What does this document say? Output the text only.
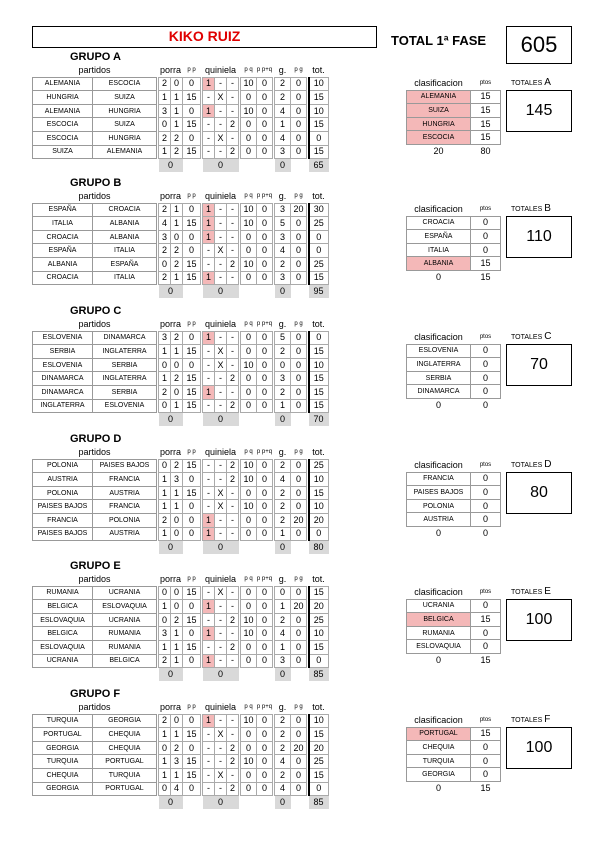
KIKO RUIZ	TOTAL 1ª FASE	605
GRUPO A
partidos			porra		p p		quiniela				p q	p p+q		g.	p g		tot.
ALEMANIA	ESCOCIA		2	0	0		1	-	-		10	0		2	0		10
HUNGRIA	SUIZA		1	1	15		-	X	-		0	0		2	0		15
ALEMANIA	HUNGRIA		3	1	0		1	-	-		10	0		4	0		10
ESCOCIA	SUIZA		0	1	15		-	-	2		0	0		1	0		15
ESCOCIA	HUNGRIA		2	2	0		-	X	-		0	0		4	0		0
SUIZA	ALEMANIA		1	2	15		-	-	2		0	0		3	0		15
			0				0							0			65
clasificacion	ptos
ALEMANIA	15
SUIZA	15
HUNGRIA	15
ESCOCIA	15
20	80
TOTALES A
145
GRUPO B
partidos			porra		p p		quiniela				p q	p p+q		g.	p g		tot.
ESPAÑA	CROACIA		2	1	0		1	-	-		10	0		3	20		30
ITALIA	ALBANIA		4	1	15		1	-	-		10	0		5	0		25
CROACIA	ALBANIA		3	0	0		1	-	-		0	0		3	0		0
ESPAÑA	ITALIA		2	2	0		-	X	-		0	0		4	0		0
ALBANIA	ESPAÑA		0	2	15		-	-	2		10	0		2	0		25
CROACIA	ITALIA		2	1	15		1	-	-		0	0		3	0		15
			0				0							0			95
clasificacion	ptos
CROACIA	0
ESPAÑA	0
ITALIA	0
ALBANIA	15
0	15
TOTALES B
110
GRUPO C
partidos			porra		p p		quiniela				p q	p p+q		g.	p g		tot.
ESLOVENIA	DINAMARCA		3	2	0		1	-	-		0	0		5	0		0
SERBIA	INGLATERRA		1	1	15		-	X	-		0	0		2	0		15
ESLOVENIA	SERBIA		0	0	0		-	X	-		10	0		0	0		10
DINAMARCA	INGLATERRA		1	2	15		-	-	2		0	0		3	0		15
DINAMARCA	SERBIA		2	0	15		1	-	-		0	0		2	0		15
INGLATERRA	ESLOVENIA		0	1	15		-	-	2		0	0		1	0		15
			0				0							0			70
clasificacion	ptos
ESLOVENIA	0
INGLATERRA	0
SERBIA	0
DINAMARCA	0
0	0
TOTALES C
70
GRUPO D
partidos			porra		p p		quiniela				p q	p p+q		g.	p g		tot.
POLONIA	PAISES BAJOS		0	2	15		-	-	2		10	0		2	0		25
AUSTRIA	FRANCIA		1	3	0		-	-	2		10	0		4	0		10
POLONIA	AUSTRIA		1	1	15		-	X	-		0	0		2	0		15
PAISES BAJOS	FRANCIA		1	1	0		-	X	-		10	0		2	0		10
FRANCIA	POLONIA		2	0	0		1	-	-		0	0		2	20		20
PAISES BAJOS	AUSTRIA		1	0	0		1	-	-		0	0		1	0		0
			0				0							0			80
clasificacion	ptos
FRANCIA	0
PAISES BAJOS	0
POLONIA	0
AUSTRIA	0
0	0
TOTALES D
80
GRUPO E
partidos			porra		p p		quiniela				p q	p p+q		g.	p g		tot.
RUMANIA	UCRANIA		0	0	15		-	X	-		0	0		0	0		15
BELGICA	ESLOVAQUIA		1	0	0		1	-	-		0	0		1	20		20
ESLOVAQUIA	UCRANIA		0	2	15		-	-	2		10	0		2	0		25
BELGICA	RUMANIA		3	1	0		1	-	-		10	0		4	0		10
ESLOVAQUIA	RUMANIA		1	1	15		-	-	2		0	0		1	0		15
UCRANIA	BELGICA		2	1	0		1	-	-		0	0		3	0		0
			0				0							0			85
clasificacion	ptos
UCRANIA	0
BELGICA	15
RUMANIA	0
ESLOVAQUIA	0
0	15
TOTALES E
100
GRUPO F
partidos			porra		p p		quiniela				p q	p p+q		g.	p g		tot.
TURQUIA	GEORGIA		2	0	0		1	-	-		10	0		2	0		10
PORTUGAL	CHEQUIA		1	1	15		-	X	-		0	0		2	0		15
GEORGIA	CHEQUIA		0	2	0		-	-	2		0	0		2	20		20
TURQUIA	PORTUGAL		1	3	15		-	-	2		10	0		4	0		25
CHEQUIA	TURQUIA		1	1	15		-	X	-		0	0		2	0		15
GEORGIA	PORTUGAL		0	4	0		-	-	2		0	0		4	0		0
			0				0							0			85
clasificacion	ptos
PORTUGAL	15
CHEQUIA	0
TURQUIA	0
GEORGIA	0
0	15
TOTALES F
100
